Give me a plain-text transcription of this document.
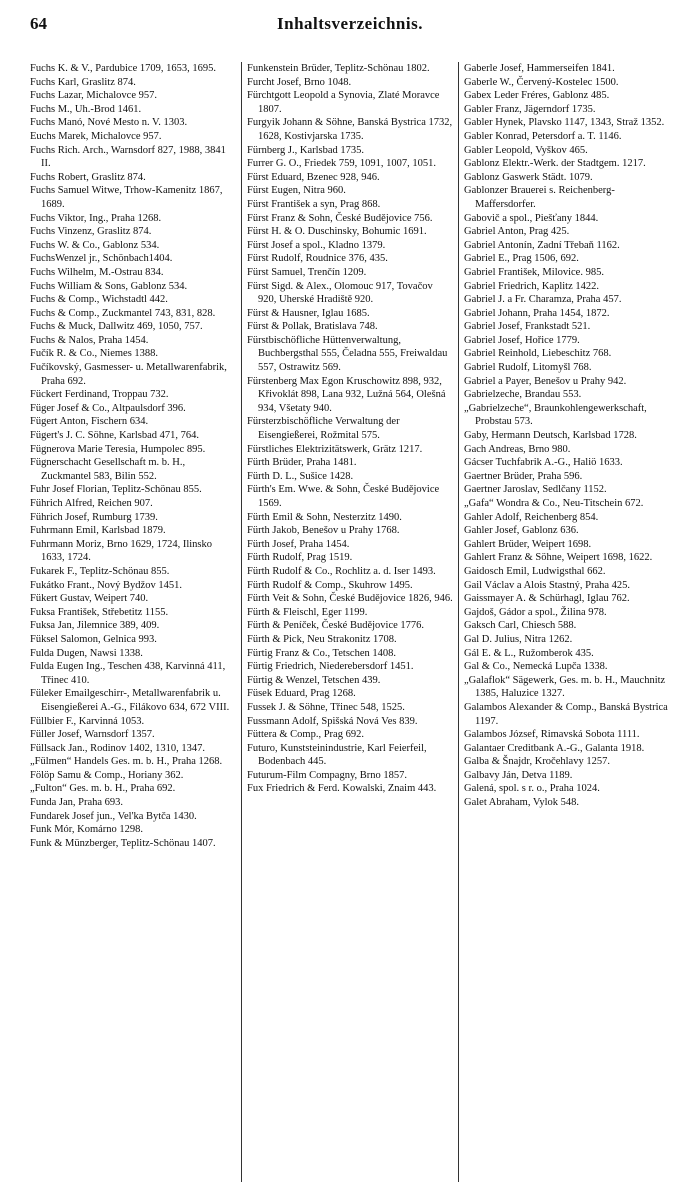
64	Inhaltsverzeichnis.

Fuchs K. & V., Pardubice 1709, 1653, 1695.

Fuchs Karl, Graslitz 874.

Fuchs Lazar, Michalovce 957.

Fuchs M., Uh.-Brod 1461.

Fuchs Manó, Nové Mesto n. V. 1303.

Euchs Marek, Michalovce 957.

Fuchs Rich. Arch., Warnsdorf 827, 1988, 3841 II.

Fuchs Robert, Graslitz 874.

Fuchs Samuel Witwe, Trhow-Kamenitz 1867, 1689.

Fuchs Viktor, Ing., Praha 1268.

Fuchs Vinzenz, Graslitz 874.

Fuchs W. & Co., Gablonz 534.

FuchsWenzel jr., Schönbach1404.

Fuchs Wilhelm, M.-Ostrau 834.

Fuchs William & Sons, Gablonz 534.

Fuchs & Comp., Wichstadtl 442.

Fuchs & Comp., Zuckmantel 743, 831, 828.

Fuchs & Muck, Dallwitz 469, 1050, 757.

Fuchs & Nalos, Praha 1454.

Fučík R. & Co., Niemes 1388.

Fučíkovský, Gasmesser- u. Metallwarenfabrik, Praha 692.

Fückert Ferdinand, Troppau 732.

Füger Josef & Co., Altpaulsdorf 396.

Fügert Anton, Fischern 634.

Fügert's J. C. Söhne, Karlsbad 471, 764.

Fügnerova Marie Teresia, Humpolec 895.

Fügnerschacht Gesellschaft m. b. H., Zuckmantel 583, Bilin 552.

Fuhr Josef Florian, Teplitz-Schönau 855.

Führich Alfred, Reichen 907.

Führich Josef, Rumburg 1739.

Fuhrmann Emil, Karlsbad 1879.

Fuhrmann Moriz, Brno 1629, 1724, Ilinsko 1633, 1724.

Fukarek F., Teplitz-Schönau 855.

Fukátko Frant., Nový Bydžov 1451.

Fükert Gustav, Weipert 740.

Fuksa František, Střebetitz 1155.

Fuksa Jan, Jilemnice 389, 409.

Füksel Salomon, Gelnica 993.

Fulda Dugen, Nawsi 1338.

Fulda Eugen Ing., Teschen 438, Karvinná 411, Třinec 410.

Füleker Emailgeschirr-, Metallwarenfabrik u. Eisengießerei A.-G., Filákovo 634, 672 VIII.

Füllbier F., Karvinná 1053.

Füller Josef, Warnsdorf 1357.

Füllsack Jan., Rodinov 1402, 1310, 1347.

„Fülmen“ Handels Ges. m. b. H., Praha 1268.

Fölöp Samu & Comp., Horiany 362.

„Fulton“ Ges. m. b. H., Praha 692.

Funda Jan, Praha 693.

Fundarek Josef jun., Vel'ka Bytča 1430.

Funk Mór, Komárno 1298.

Funk & Münzberger, Teplitz-Schönau 1407.

Funkenstein Brüder, Teplitz-Schönau 1802.

Furcht Josef, Brno 1048.

Fürchtgott Leopold a Synovia, Zlaté Moravce 1807.

Furgyik Johann & Söhne, Banská Bystrica 1732, 1628, Kostivjarska 1735.

Fürnberg J., Karlsbad 1735.

Furrer G. O., Friedek 759, 1091, 1007, 1051.

Fürst Eduard, Bzenec 928, 946.

Fürst Eugen, Nitra 960.

Fürst František a syn, Prag 868.

Fürst Franz & Sohn, České Budějovice 756.

Fürst H. & O. Duschinsky, Bohumic 1691.

Fürst Josef a spol., Kladno 1379.

Fürst Rudolf, Roudnice 376, 435.

Fürst Samuel, Trenčín 1209.

Fürst Sigd. & Alex., Olomouc 917, Tovačov 920, Uherské Hradiště 920.

Fürst & Hausner, Iglau 1685.

Fürst & Pollak, Bratislava 748.

Fürstbischöfliche Hüttenverwaltung, Buchbergsthal 555, Čeladna 555, Freiwaldau 557, Ostrawitz 569.

Fürstenberg Max Egon Kruschowitz 898, 932, Křivoklát 898, Lana 932, Lužná 564, Olešná 934, Všetaty 940.

Fürsterzbischöfliche Verwaltung der Eisengießerei, Rožmital 575.

Fürstliches Elektrizitätswerk, Grätz 1217.

Fürth Brüder, Praha 1481.

Fürth D. L., Sušice 1428.

Fürth's Em. Wwe. & Sohn, České Budějovice 1569.

Fürth Emil & Sohn, Nesterzitz 1490.

Fürth Jakob, Benešov u Prahy 1768.

Fürth Josef, Praha 1454.

Fürth Rudolf, Prag 1519.

Fürth Rudolf & Co., Rochlitz a. d. Iser 1493.

Fürth Rudolf & Comp., Skuhrow 1495.

Fürth Veit & Sohn, České Budějovice 1826, 946.

Fürth & Fleischl, Eger 1199.

Fürth & Peníček, České Budějovice 1776.

Fürth & Pick, Neu Strakonitz 1708.

Fürtig Franz & Co., Tetschen 1408.

Fürtig Friedrich, Niederebersdorf 1451.

Fürtig & Wenzel, Tetschen 439.

Füsek Eduard, Prag 1268.

Fussek J. & Söhne, Třinec 548, 1525.

Fussmann Adolf, Spišská Nová Ves 839.

Füttera & Comp., Prag 692.

Futuro, Kunststeinindustrie, Karl Feierfeil, Bodenbach 445.

Futurum-Film Compagny, Brno 1857.

Fux Friedrich & Ferd. Kowalski, Znaim 443.

Gaberle Josef, Hammerseifen 1841.

Gaberle W., Červený-Kostelec 1500.

Gabex Leder Fréres, Gablonz 485.

Gabler Franz, Jägerndorf 1735.

Gabler Hynek, Plavsko 1147, 1343, Straž 1352.

Gabler Konrad, Petersdorf a. T. 1146.

Gabler Leopold, Vyškov 465.

Gablonz Elektr.-Werk. der Stadtgem. 1217.

Gablonz Gaswerk Städt. 1079.

Gablonzer Brauerei s. Reichenberg-Maffersdorfer.

Gabovič a spol., Piešťany 1844.

Gabriel Anton, Prag 425.

Gabriel Antonín, Zadní Třebaň 1162.

Gabriel E., Prag 1506, 692.

Gabriel František, Milovice. 985.

Gabriel Friedrich, Kaplitz 1422.

Gabriel J. a Fr. Charamza, Praha 457.

Gabriel Johann, Praha 1454, 1872.

Gabriel Josef, Frankstadt 521.

Gabriel Josef, Hořice 1779.

Gabriel Reinhold, Liebeschitz 768.

Gabriel Rudolf, Litomyšl 768.

Gabriel a Payer, Benešov u Prahy 942.

Gabrielzeche, Brandau 553.

„Gabrielzeche“, Braunkohlengewerkschaft, Probstau 573.

Gaby, Hermann Deutsch, Karlsbad 1728.

Gach Andreas, Brno 980.

Gácser Tuchfabrik A.-G., Haliö 1633.

Gaertner Brüder, Praha 596.

Gaertner Jaroslav, Sedlčany 1152.

„Gafa“ Wondra & Co., Neu-Titschein 672.

Gahler Adolf, Reichenberg 854.

Gahler Josef, Gablonz 636.

Gahlert Brüder, Weipert 1698.

Gahlert Franz & Söhne, Weipert 1698, 1622.

Gaidosch Emil, Ludwigsthal 662.

Gail Václav a Alois Stastný, Praha 425.

Gaissmayer A. & Schürhagl, Iglau 762.

Gajdoš, Gádor a spol., Žilina 978.

Gaksch Carl, Chiesch 588.

Gal D. Julius, Nitra 1262.

Gál E. & L., Ružomberok 435.

Gal & Co., Nemecká Lupča 1338.

„Galaflok“ Sägewerk, Ges. m. b. H., Mauchnitz 1385, Haluzice 1327.

Galambos Alexander & Comp., Banská Bystrica 1197.

Galambos József, Rimavská Sobota 1111.

Galantaer Creditbank A.-G., Galanta 1918.

Galba & Šnajdr, Kročehlavy 1257.

Galbavy Ján, Detva 1189.

Galená, spol. s r. o., Praha 1024.

Galet Abraham, Vylok 548.
